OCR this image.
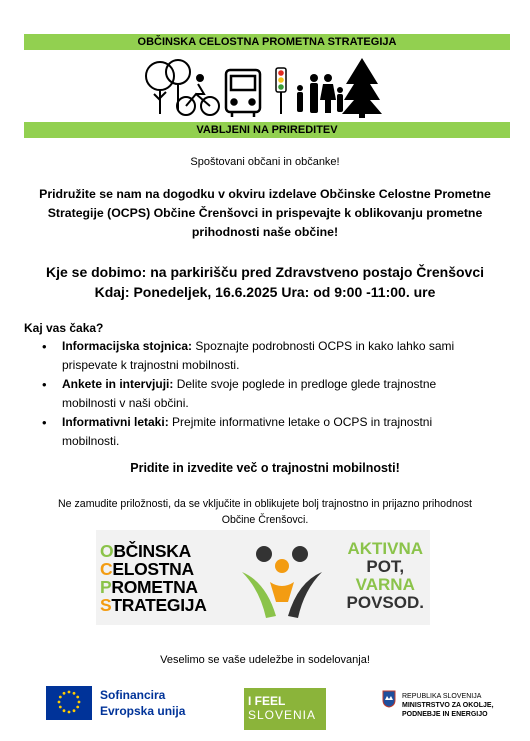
OBČINSKA CELOSTNA PROMETNA STRATEGIJA
VABLJENI NA PRIREDITEV
Spoštovani občani in občanke!
Pridružite se nam na dogodku v okviru izdelave Občinske Celostne Prometne
Strategije (OCPS) Občine Črenšovci in prispevajte k oblikovanju prometne
prihodnosti naše občine!
Kje se dobimo: na parkirišču pred Zdravstveno postajo Črenšovci
Kdaj: Ponedeljek, 16.6.2025 Ura: od 9:00 -11:00. ure
Kaj vas čaka?
• Informacijska stojnica: Spoznajte podrobnosti OCPS in kako lahko sami
prispevate k trajnostni mobilnosti.
• Ankete in intervjuji: Delite svoje poglede in predloge glede trajnostne
mobilnosti v naši občini.
• Informativni letaki: Prejmite informativne letake o OCPS in trajnostni
mobilnosti.
Pridite in izvedite več o trajnostni mobilnosti!
Ne zamudite priložnosti, da se vključite in oblikujete bolj trajnostno in prijazno prihodnost
Občine Črenšovci.
OBČINSKA
CELOSTNA
PROMETNA
STRATEGIJA
AKTIVNA
POT,
VARNA
POVSOD.
Veselimo se vaše udeležbe in sodelovanja!
Sofinancira
Evropska unija
I FEEL
SLOVENIA
REPUBLIKA SLOVENIJA
MINISTRSTVO ZA OKOLJE,
PODNEBJE IN ENERGIJO
